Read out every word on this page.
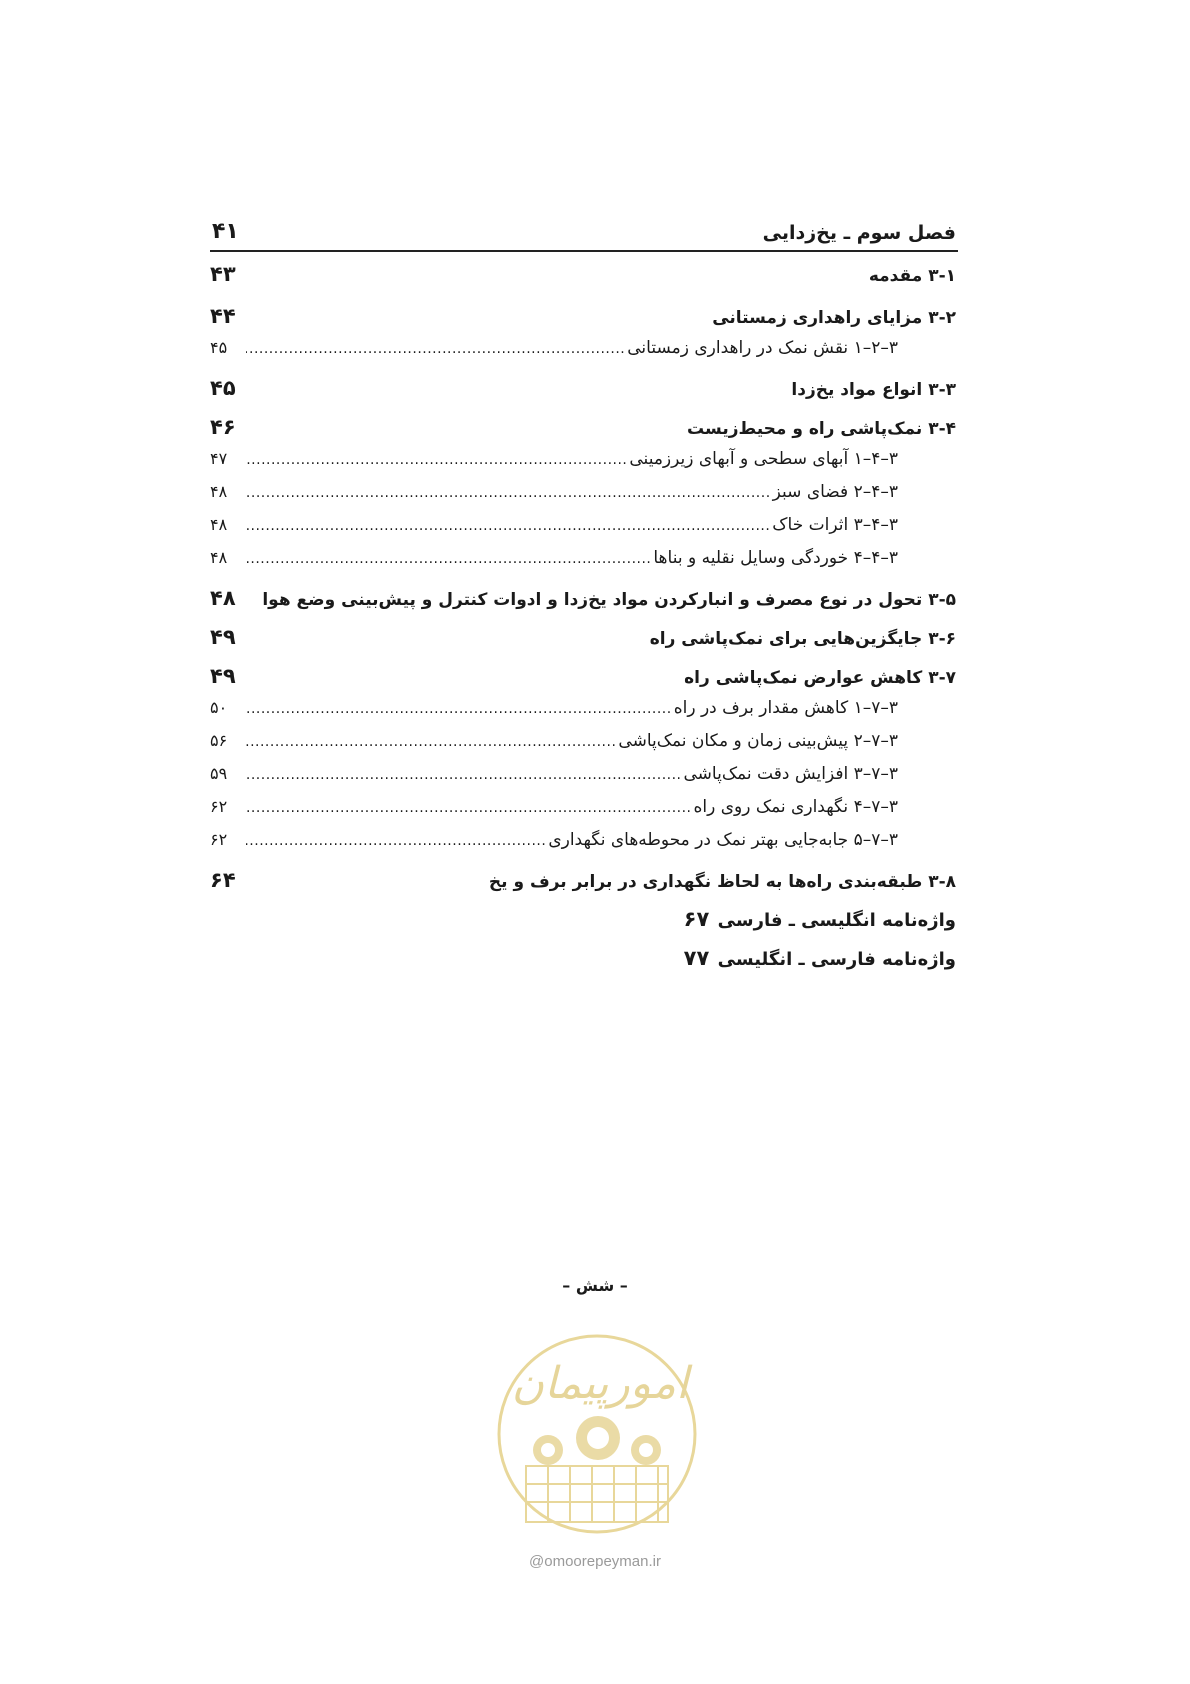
فصل سوم ـ یخ‌زدایی
۴۱
۳-۱ مقدمه
۴۳
۳-۲ مزایای راهداری زمستانی
۴۴
۳–۲–۱ نقش نمک در راهداری زمستانی
.....
۴۵
۳-۳ انواع مواد یخ‌زدا
۴۵
۳-۴ نمک‌پاشی راه و محیط‌زیست
۴۶
۳–۴–۱ آبهای سطحی و آبهای زیرزمینی
.....
۴۷
۳–۴–۲ فضای سبز
.....
۴۸
۳–۴–۳ اثرات خاک
.....
۴۸
۳–۴–۴ خوردگی وسایل نقلیه و بناها
.....
۴۸
۳-۵ تحول در نوع مصرف و انبارکردن مواد یخ‌زدا و ادوات کنترل و پیش‌بینی وضع هوا
۴۸
۳-۶ جایگزین‌هایی برای نمک‌پاشی راه
۴۹
۳-۷ کاهش عوارض نمک‌پاشی راه
۴۹
۳–۷–۱ کاهش مقدار برف در راه
.....
۵۰
۳–۷–۲ پیش‌بینی زمان و مکان نمک‌پاشی
.....
۵۶
۳–۷–۳ افزایش دقت نمک‌پاشی
.....
۵۹
۳–۷–۴ نگهداری نمک روی راه
.....
۶۲
۳–۷–۵ جابه‌جایی بهتر نمک در محوطه‌های نگهداری
.....
۶۲
۳-۸ طبقه‌بندی راه‌ها به لحاظ نگهداری در برابر برف و یخ
۶۴
واژه‌نامه انگلیسی ـ فارسی
۶۷
واژه‌نامه فارسی ـ انگلیسی
۷۷
– شش –
امورپیمان
@omoorepeyman.ir
